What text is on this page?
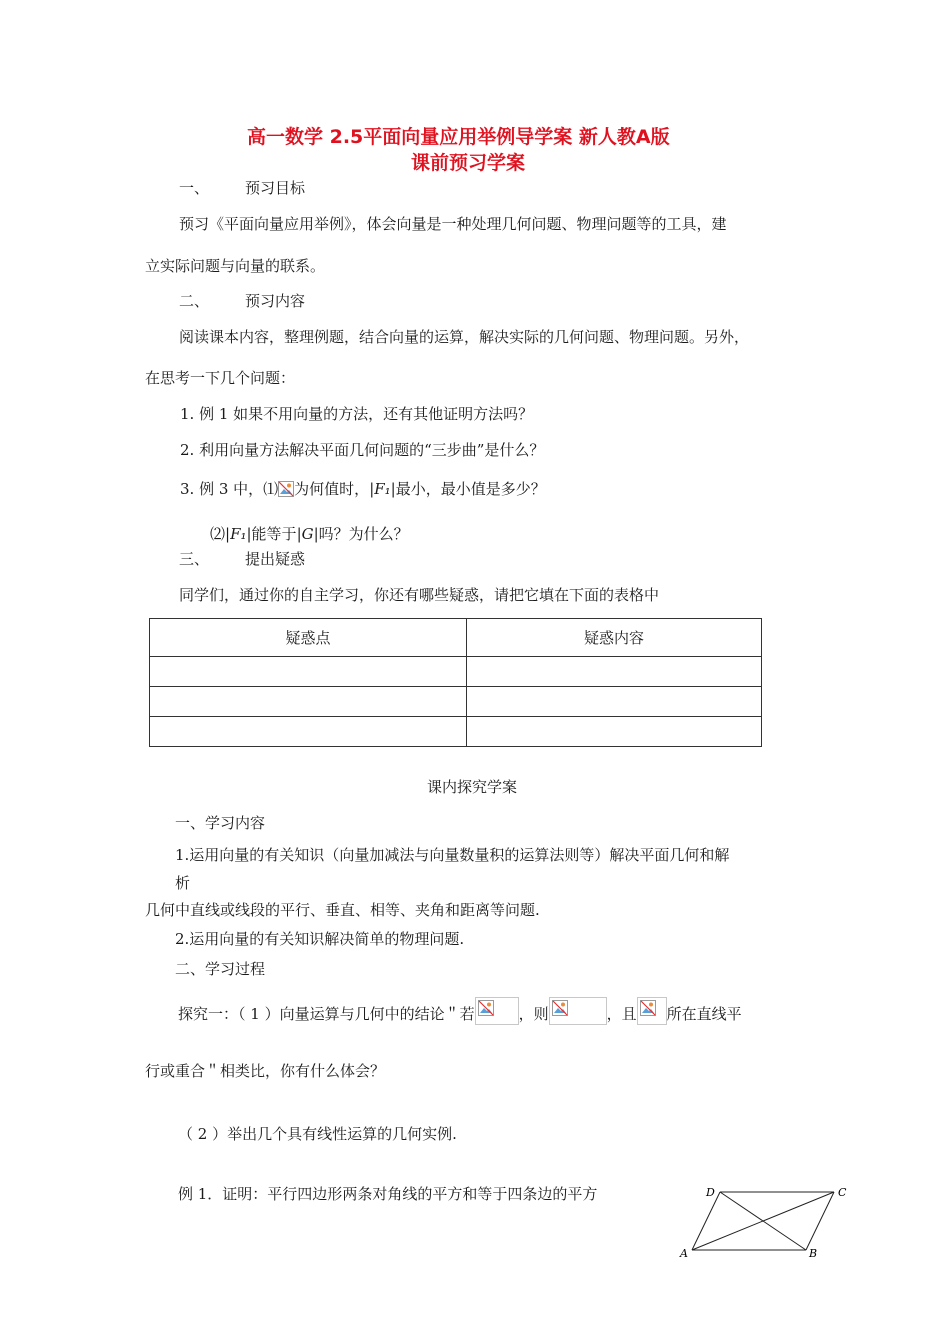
高一数学 2.5平面向量应用举例导学案 新人教A版
课前预习学案
一、 预习目标
预习《平面向量应用举例》，体会向量是一种处理几何问题、物理问题等的工具，建
立实际问题与向量的联系。
二、 预习内容
阅读课本内容，整理例题，结合向量的运算，解决实际的几何问题、物理问题。另外，
在思考一下几个问题：
1. 例 1 如果不用向量的方法，还有其他证明方法吗？
2. 利用向量方法解决平面几何问题的“三步曲”是什么？
3. 例 3 中，⑴ 为何值时，|F₁|最小，最小值是多少？
⑵|F₁|能等于|G|吗？为什么？
三、 提出疑惑
同学们，通过你的自主学习，你还有哪些疑惑，请把它填在下面的表格中
疑惑点	疑惑内容

课内探究学案
一、学习内容
1.运用向量的有关知识（向量加减法与向量数量积的运算法则等）解决平面几何和解
析
几何中直线或线段的平行、垂直、相等、夹角和距离等问题.
2.运用向量的有关知识解决简单的物理问题.
二、学习过程
探究一：（ 1 ）向量运算与几何中的结论＂若	，则	，且 所在直线平
行或重合＂相类比，你有什么体会？
（ 2 ）举出几个具有线性运算的几何实例.
例 1．证明：平行四边形两条对角线的平方和等于四条边的平方	D	C
A	B
